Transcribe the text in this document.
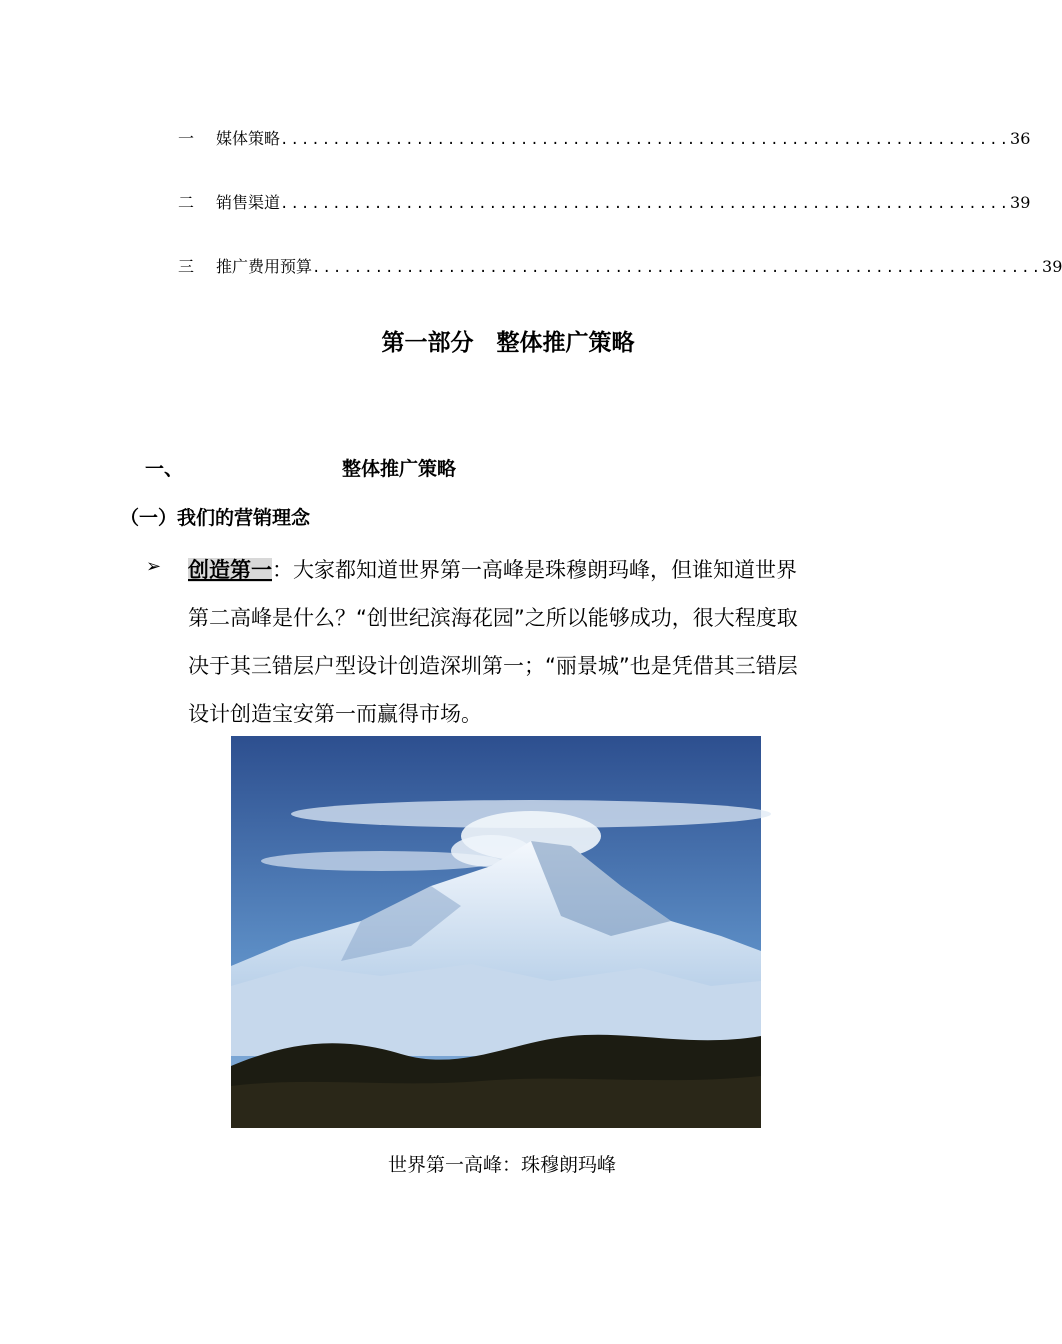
一	媒体策略 ...................................................................... 36
二	销售渠道 ...................................................................... 39
三	推广费用预算 ...................................................................... 39
第一部分　整体推广策略
一、	整体推广策略
（一）我们的营销理念
➢ 创造第一：大家都知道世界第一高峰是珠穆朗玛峰，但谁知道世界第二高峰是什么？“创世纪滨海花园”之所以能够成功，很大程度取决于其三错层户型设计创造深圳第一；“丽景城”也是凭借其三错层设计创造宝安第一而赢得市场。
世界第一高峰：珠穆朗玛峰
